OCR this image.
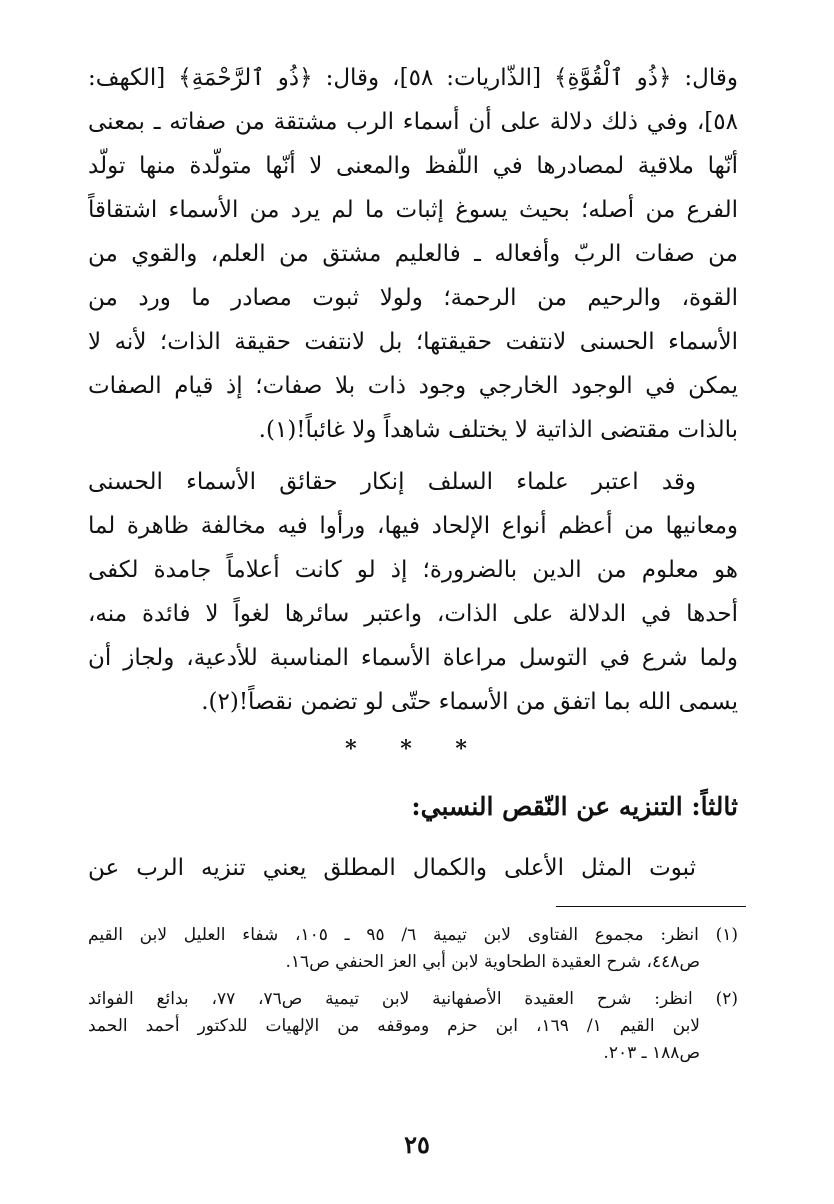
وقال: ﴿ذُو ٱلْقُوَّةِ﴾ [الذّاريات: ٥٨]، وقال: ﴿ذُو ٱلرَّحْمَةِ﴾ [الكهف:
٥٨]، وفي ذلك دلالة على أن أسماء الرب مشتقة من صفاته ـ بمعنى
أنّها ملاقية لمصادرها في اللّفظ والمعنى لا أنّها متولّدة منها تولّد
الفرع من أصله؛ بحيث يسوغ إثبات ما لم يرد من الأسماء اشتقاقاً
من صفات الربّ وأفعاله ـ فالعليم مشتق من العلم، والقوي من
القوة، والرحيم من الرحمة؛ ولولا ثبوت مصادر ما ورد من
الأسماء الحسنى لانتفت حقيقتها؛ بل لانتفت حقيقة الذات؛ لأنه لا
يمكن في الوجود الخارجي وجود ذات بلا صفات؛ إذ قيام الصفات
بالذات مقتضى الذاتية لا يختلف شاهداً ولا غائباً!(١).
وقد اعتبر علماء السلف إنكار حقائق الأسماء الحسنى
ومعانيها من أعظم أنواع الإلحاد فيها، ورأوا فيه مخالفة ظاهرة لما
هو معلوم من الدين بالضرورة؛ إذ لو كانت أعلاماً جامدة لكفى
أحدها في الدلالة على الذات، واعتبر سائرها لغواً لا فائدة منه،
ولما شرع في التوسل مراعاة الأسماء المناسبة للأدعية، ولجاز أن
يسمى الله بما اتفق من الأسماء حتّى لو تضمن نقصاً!(٢).
* * *
ثالثاً: التنزيه عن النّقص النسبي:
ثبوت المثل الأعلى والكمال المطلق يعني تنزيه الرب عن
(١) انظر: مجموع الفتاوى لابن تيمية ٦/ ٩٥ ـ ١٠٥، شفاء العليل لابن القيم
ص٤٤٨، شرح العقيدة الطحاوية لابن أبي العز الحنفي ص١٦.
(٢) انظر: شرح العقيدة الأصفهانية لابن تيمية ص٧٦، ٧٧، بدائع الفوائد
لابن القيم ١/ ١٦٩، ابن حزم وموقفه من الإلهيات للدكتور أحمد الحمد
ص١٨٨ ـ ٢٠٣.
٢٥
